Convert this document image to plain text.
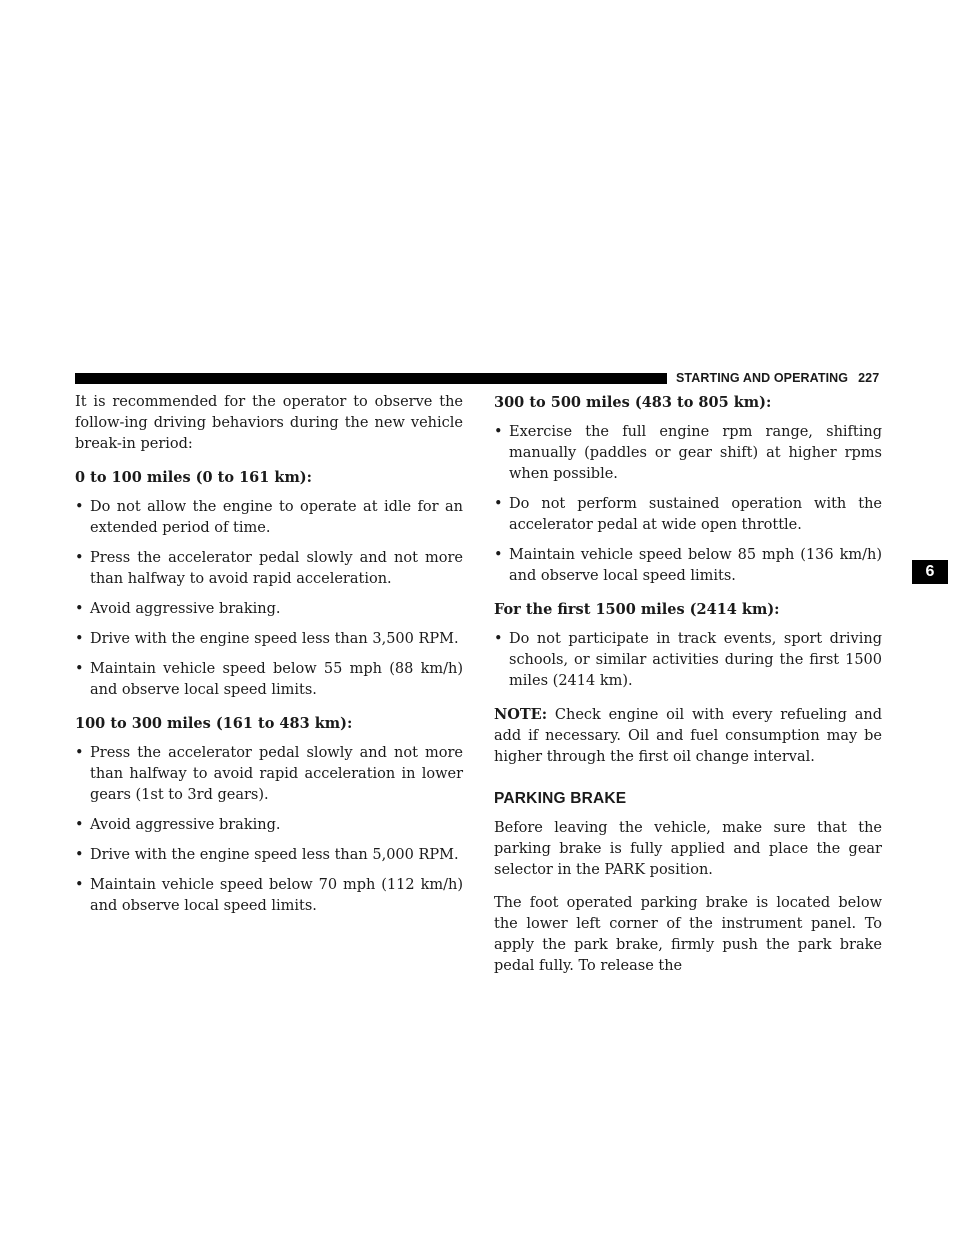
STARTING AND OPERATING 227
6

It is recommended for the operator to observe the follow-ing driving behaviors during the new vehicle break-in period:

0 to 100 miles (0 to 161 km):
• Do not allow the engine to operate at idle for an extended period of time.
• Press the accelerator pedal slowly and not more than halfway to avoid rapid acceleration.
• Avoid aggressive braking.
• Drive with the engine speed less than 3,500 RPM.
• Maintain vehicle speed below 55 mph (88 km/h) and observe local speed limits.
100 to 300 miles (161 to 483 km):
• Press the accelerator pedal slowly and not more than halfway to avoid rapid acceleration in lower gears (1st to 3rd gears).
• Avoid aggressive braking.
• Drive with the engine speed less than 5,000 RPM.
• Maintain vehicle speed below 70 mph (112 km/h) and observe local speed limits.
300 to 500 miles (483 to 805 km):
• Exercise the full engine rpm range, shifting manually (paddles or gear shift) at higher rpms when possible.
• Do not perform sustained operation with the accelerator pedal at wide open throttle.
• Maintain vehicle speed below 85 mph (136 km/h) and observe local speed limits.
For the first 1500 miles (2414 km):
• Do not participate in track events, sport driving schools, or similar activities during the first 1500 miles (2414 km).

NOTE: Check engine oil with every refueling and add if necessary. Oil and fuel consumption may be higher through the first oil change interval.

PARKING BRAKE

Before leaving the vehicle, make sure that the parking brake is fully applied and place the gear selector in the PARK position.

The foot operated parking brake is located below the lower left corner of the instrument panel. To apply the park brake, firmly push the park brake pedal fully. To release the
